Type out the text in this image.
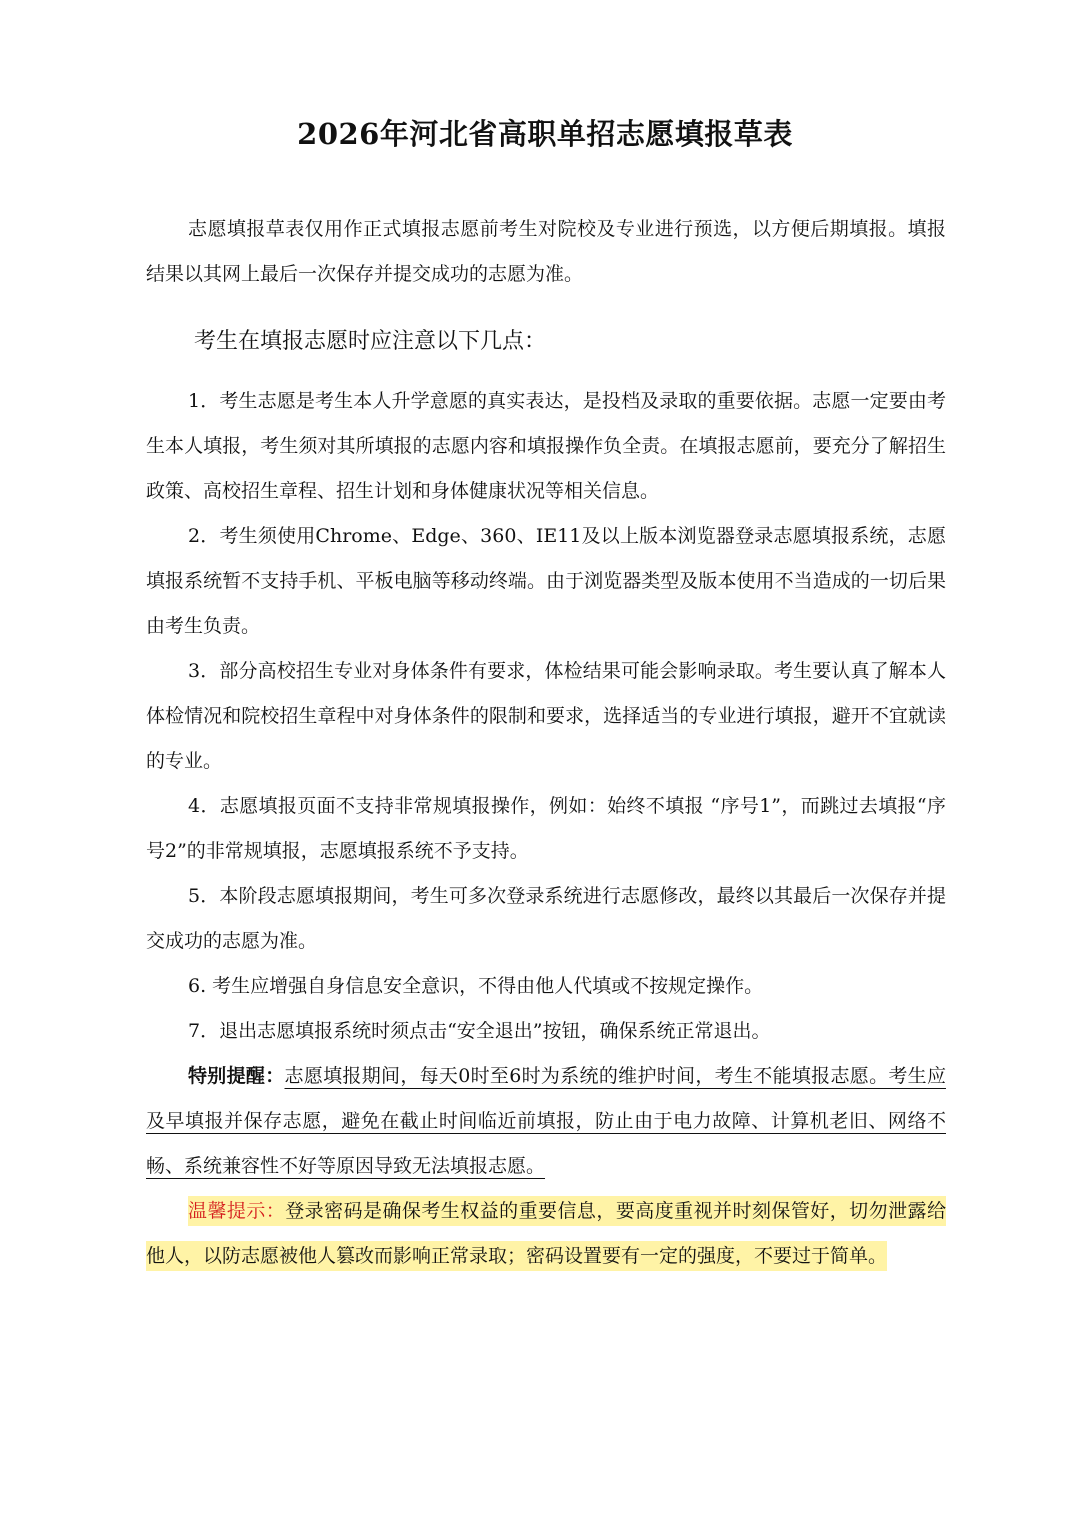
2026年河北省高职单招志愿填报草表

志愿填报草表仅用作正式填报志愿前考生对院校及专业进行预选，以方便后期填报。填报结果以其网上最后一次保存并提交成功的志愿为准。

考生在填报志愿时应注意以下几点：

1．考生志愿是考生本人升学意愿的真实表达，是投档及录取的重要依据。志愿一定要由考生本人填报，考生须对其所填报的志愿内容和填报操作负全责。在填报志愿前，要充分了解招生政策、高校招生章程、招生计划和身体健康状况等相关信息。

2．考生须使用Chrome、Edge、360、IE11及以上版本浏览器登录志愿填报系统，志愿填报系统暂不支持手机、平板电脑等移动终端。由于浏览器类型及版本使用不当造成的一切后果由考生负责。

3．部分高校招生专业对身体条件有要求，体检结果可能会影响录取。考生要认真了解本人体检情况和院校招生章程中对身体条件的限制和要求，选择适当的专业进行填报，避开不宜就读的专业。

4．志愿填报页面不支持非常规填报操作，例如：始终不填报 “序号1”，而跳过去填报“序号2”的非常规填报，志愿填报系统不予支持。

5．本阶段志愿填报期间，考生可多次登录系统进行志愿修改，最终以其最后一次保存并提交成功的志愿为准。

6. 考生应增强自身信息安全意识，不得由他人代填或不按规定操作。

7．退出志愿填报系统时须点击“安全退出”按钮，确保系统正常退出。

特别提醒：志愿填报期间，每天0时至6时为系统的维护时间，考生不能填报志愿。考生应及早填报并保存志愿，避免在截止时间临近前填报，防止由于电力故障、计算机老旧、网络不畅、系统兼容性不好等原因导致无法填报志愿。

温馨提示：登录密码是确保考生权益的重要信息，要高度重视并时刻保管好，切勿泄露给他人，以防志愿被他人篡改而影响正常录取；密码设置要有一定的强度，不要过于简单。
